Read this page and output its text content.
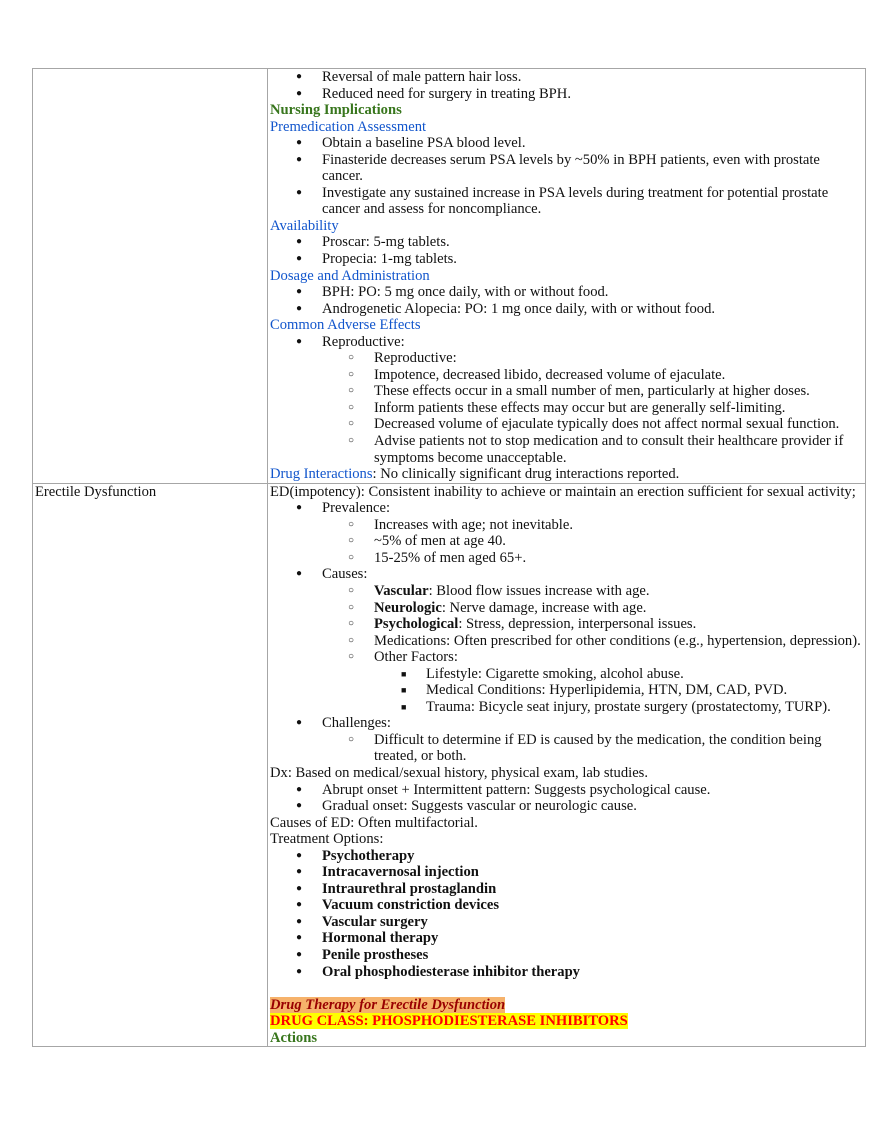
● Reversal of male pattern hair loss.
● Reduced need for surgery in treating BPH.
Nursing Implications
Premedication Assessment
● Obtain a baseline PSA blood level.
● Finasteride decreases serum PSA levels by ~50% in BPH patients, even with prostate cancer.
● Investigate any sustained increase in PSA levels during treatment for potential prostate cancer and assess for noncompliance.
Availability
● Proscar: 5-mg tablets.
● Propecia: 1-mg tablets.
Dosage and Administration
● BPH: PO: 5 mg once daily, with or without food.
● Androgenetic Alopecia: PO: 1 mg once daily, with or without food.
Common Adverse Effects
● Reproductive:
○ Reproductive:
○ Impotence, decreased libido, decreased volume of ejaculate.
○ These effects occur in a small number of men, particularly at higher doses.
○ Inform patients these effects may occur but are generally self-limiting.
○ Decreased volume of ejaculate typically does not affect normal sexual function.
○ Advise patients not to stop medication and to consult their healthcare provider if symptoms become unacceptable.
Drug Interactions: No clinically significant drug interactions reported.

Erectile Dysfunction	ED(impotency): Consistent inability to achieve or maintain an erection sufficient for sexual activity;
● Prevalence:
○ Increases with age; not inevitable.
○ ~5% of men at age 40.
○ 15-25% of men aged 65+.
● Causes:
○ Vascular: Blood flow issues increase with age.
○ Neurologic: Nerve damage, increase with age.
○ Psychological: Stress, depression, interpersonal issues.
○ Medications: Often prescribed for other conditions (e.g., hypertension, depression).
○ Other Factors:
■ Lifestyle: Cigarette smoking, alcohol abuse.
■ Medical Conditions: Hyperlipidemia, HTN, DM, CAD, PVD.
■ Trauma: Bicycle seat injury, prostate surgery (prostatectomy, TURP).
● Challenges:
○ Difficult to determine if ED is caused by the medication, the condition being treated, or both.
Dx: Based on medical/sexual history, physical exam, lab studies.
● Abrupt onset + Intermittent pattern: Suggests psychological cause.
● Gradual onset: Suggests vascular or neurologic cause.
Causes of ED: Often multifactorial.
Treatment Options:
● Psychotherapy
● Intracavernosal injection
● Intraurethral prostaglandin
● Vacuum constriction devices
● Vascular surgery
● Hormonal therapy
● Penile prostheses
● Oral phosphodiesterase inhibitor therapy
Drug Therapy for Erectile Dysfunction
DRUG CLASS: PHOSPHODIESTERASE INHIBITORS
Actions
